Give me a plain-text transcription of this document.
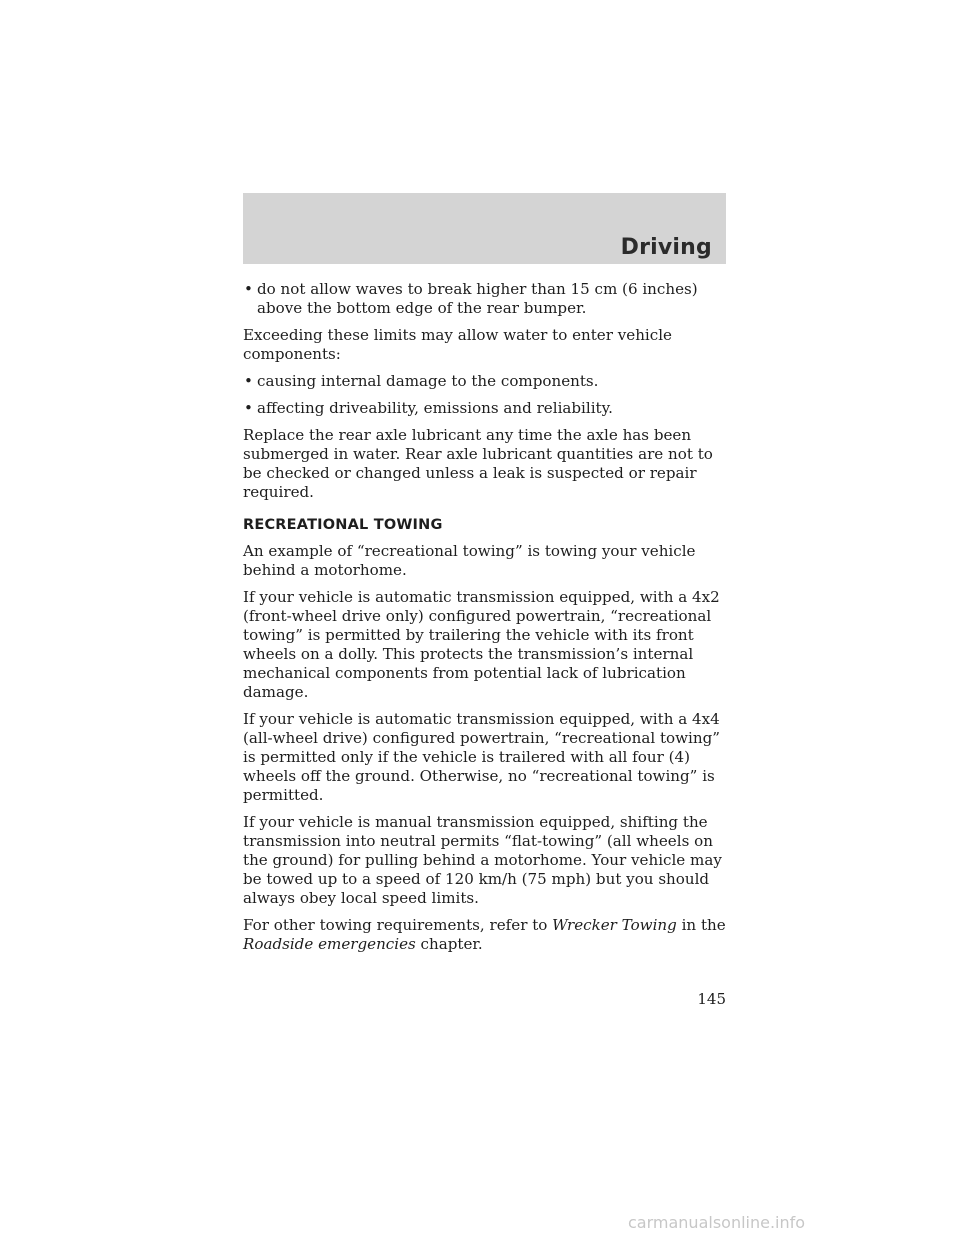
Driving
• do not allow waves to break higher than 15 cm (6 inches) above the bottom edge of the rear bumper.

Exceeding these limits may allow water to enter vehicle components:

• causing internal damage to the components.
• affecting driveability, emissions and reliability.

Replace the rear axle lubricant any time the axle has been submerged in water. Rear axle lubricant quantities are not to be checked or changed unless a leak is suspected or repair required.

RECREATIONAL TOWING

An example of “recreational towing” is towing your vehicle behind a motorhome.

If your vehicle is automatic transmission equipped, with a 4x2 (front-wheel drive only) configured powertrain, “recreational towing” is permitted by trailering the vehicle with its front wheels on a dolly. This protects the transmission’s internal mechanical components from potential lack of lubrication damage.

If your vehicle is automatic transmission equipped, with a 4x4 (all-wheel drive) configured powertrain, “recreational towing” is permitted only if the vehicle is trailered with all four (4) wheels off the ground. Otherwise, no “recreational towing” is permitted.

If your vehicle is manual transmission equipped, shifting the transmission into neutral permits “flat-towing” (all wheels on the ground) for pulling behind a motorhome. Your vehicle may be towed up to a speed of 120 km/h (75 mph) but you should always obey local speed limits.

For other towing requirements, refer to Wrecker Towing in the Roadside emergencies chapter.

145
carmanualsonline.info
